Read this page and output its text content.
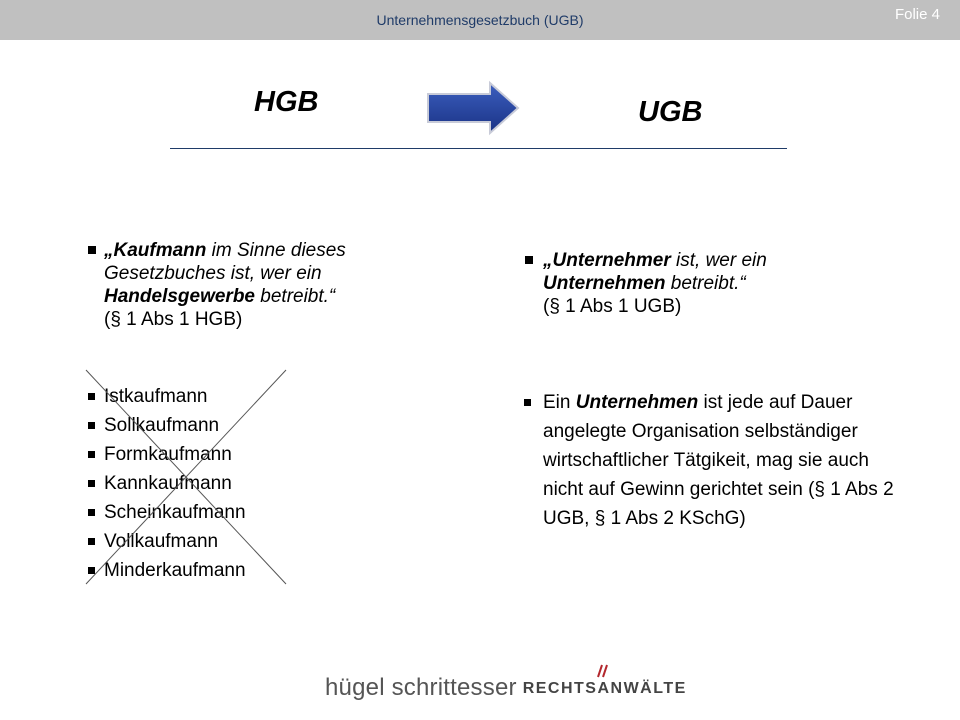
Unternehmensgesetzbuch (UGB)	Folie 4
HGB	UGB
„Kaufmann im Sinne dieses
Gesetzbuches ist, wer ein
Handelsgewerbe betreibt.“
(§ 1 Abs 1 HGB)
Istkaufmann
Sollkaufmann
Formkaufmann
Kannkaufmann
Scheinkaufmann
Vollkaufmann
Minderkaufmann
„Unternehmer ist, wer ein
Unternehmen betreibt.“
(§ 1 Abs 1 UGB)
Ein Unternehmen ist jede auf Dauer angelegte Organisation selbständiger wirtschaftlicher Tätgikeit, mag sie auch nicht auf Gewinn gerichtet sein (§ 1 Abs 2 UGB, § 1 Abs 2 KSchG)
hügel schrittesser RECHTSANWÄLTE
